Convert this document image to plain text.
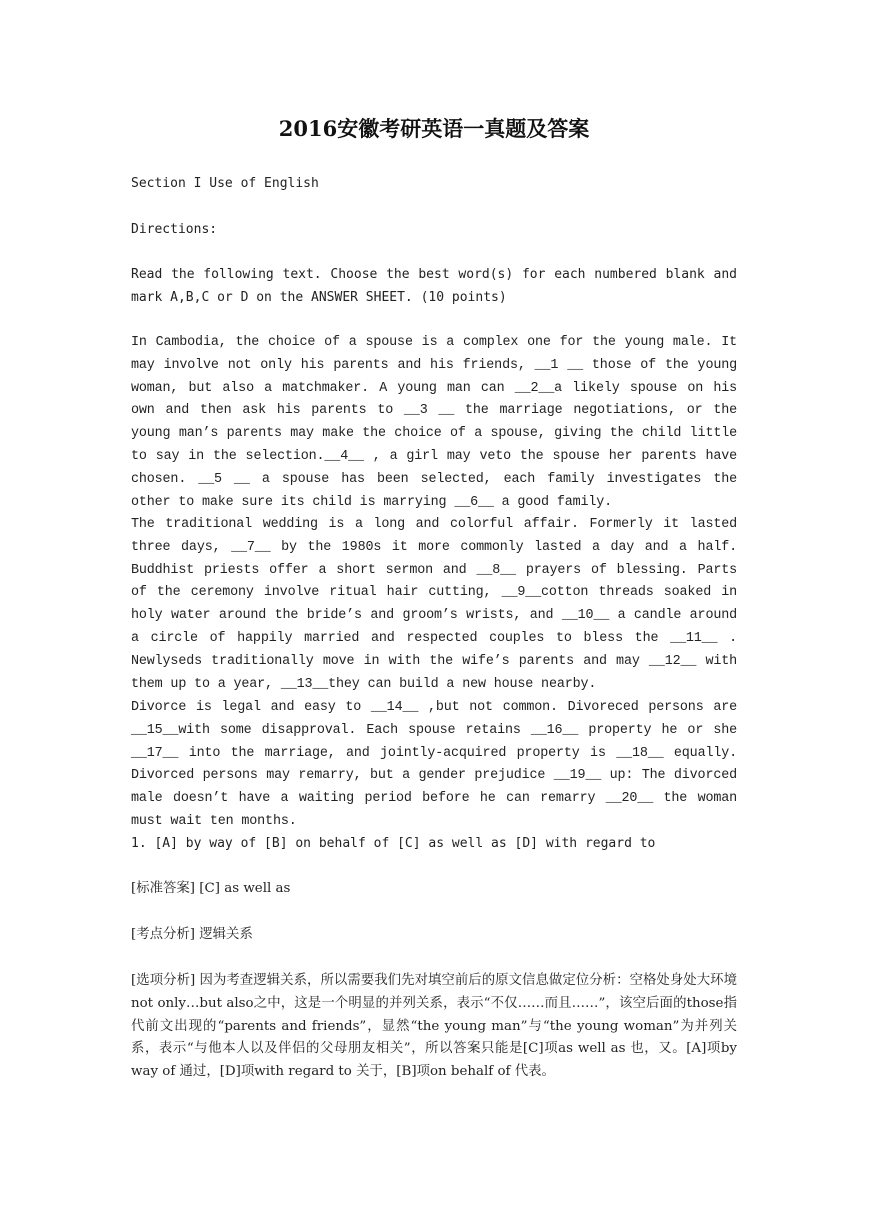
2016安徽考研英语一真题及答案

Section I Use of English

Directions:

Read the following text. Choose the best word(s) for each numbered blank and mark A,B,C or D on the ANSWER SHEET. (10 points)

In Cambodia, the choice of a spouse is a complex one for the young male. It may involve not only his parents and his friends, __1 __ those of the young woman, but also a matchmaker. A young man can __2__a likely spouse on his own and then ask his parents to __3 __ the marriage negotiations, or the young man’s parents may make the choice of a spouse, giving the child little to say in the selection.__4__ , a girl may veto the spouse her parents have chosen. __5 __ a spouse has been selected, each family investigates the other to make sure its child is marrying __6__ a good family.

The traditional wedding is a long and colorful affair. Formerly it lasted three days, __7__ by the 1980s it more commonly lasted a day and a half. Buddhist priests offer a short sermon and __8__ prayers of blessing. Parts of the ceremony involve ritual hair cutting, __9__cotton threads soaked in holy water around the bride’s and groom’s wrists, and __10__ a candle around a circle of happily married and respected couples to bless the __11__ . Newlyseds traditionally move in with the wife’s parents and may __12__ with them up to a year, __13__they can build a new house nearby.

Divorce is legal and easy to __14__ ,but not common. Divoreced persons are __15__with some disapproval. Each spouse retains __16__ property he or she __17__ into the marriage, and jointly-acquired property is __18__ equally. Divorced persons may remarry, but a gender prejudice __19__ up: The divorced male doesn’t have a waiting period before he can remarry __20__ the woman must wait ten months.

1. [A] by way of [B] on behalf of [C] as well as [D] with regard to

[标准答案] [C] as well as

[考点分析] 逻辑关系

[选项分析] 因为考查逻辑关系，所以需要我们先对填空前后的原文信息做定位分析：空格处身处大环境not only…but also之中，这是一个明显的并列关系，表示“不仅……而且……”，该空后面的those指代前文出现的“parents and friends”，显然“the young man”与“the young woman”为并列关系，表示“与他本人以及伴侣的父母朋友相关”，所以答案只能是[C]项as well as 也，又。[A]项by way of 通过，[D]项with regard to 关于，[B]项on behalf of 代表。
